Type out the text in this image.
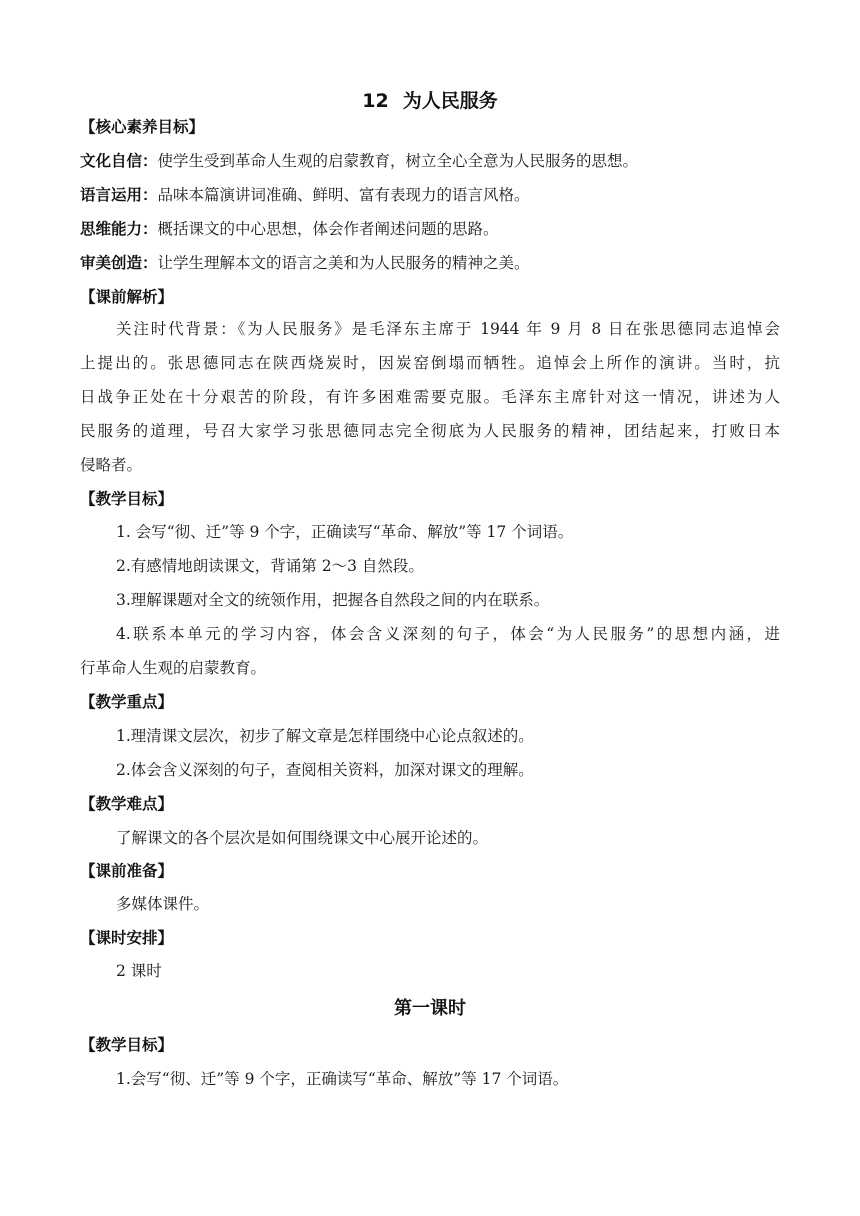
12 为人民服务
【核心素养目标】
文化自信：使学生受到革命人生观的启蒙教育，树立全心全意为人民服务的思想。
语言运用：品味本篇演讲词准确、鲜明、富有表现力的语言风格。
思维能力：概括课文的中心思想，体会作者阐述问题的思路。
审美创造：让学生理解本文的语言之美和为人民服务的精神之美。
【课前解析】
关注时代背景：《为人民服务》是毛泽东主席于 1944 年 9 月 8 日在张思德同志追悼会
上提出的。张思德同志在陕西烧炭时，因炭窑倒塌而牺牲。追悼会上所作的演讲。当时，抗
日战争正处在十分艰苦的阶段，有许多困难需要克服。毛泽东主席针对这一情况，讲述为人
民服务的道理，号召大家学习张思德同志完全彻底为人民服务的精神，团结起来，打败日本
侵略者。
【教学目标】
1. 会写“彻、迁”等 9 个字，正确读写“革命、解放”等 17 个词语。
2.有感情地朗读课文，背诵第 2～3 自然段。
3.理解课题对全文的统领作用，把握各自然段之间的内在联系。
4.联系本单元的学习内容，体会含义深刻的句子，体会“为人民服务”的思想内涵，进
行革命人生观的启蒙教育。
【教学重点】
1.理清课文层次，初步了解文章是怎样围绕中心论点叙述的。
2.体会含义深刻的句子，查阅相关资料，加深对课文的理解。
【教学难点】
了解课文的各个层次是如何围绕课文中心展开论述的。
【课前准备】
多媒体课件。
【课时安排】
2 课时
第一课时
【教学目标】
1.会写“彻、迁”等 9 个字，正确读写“革命、解放”等 17 个词语。
